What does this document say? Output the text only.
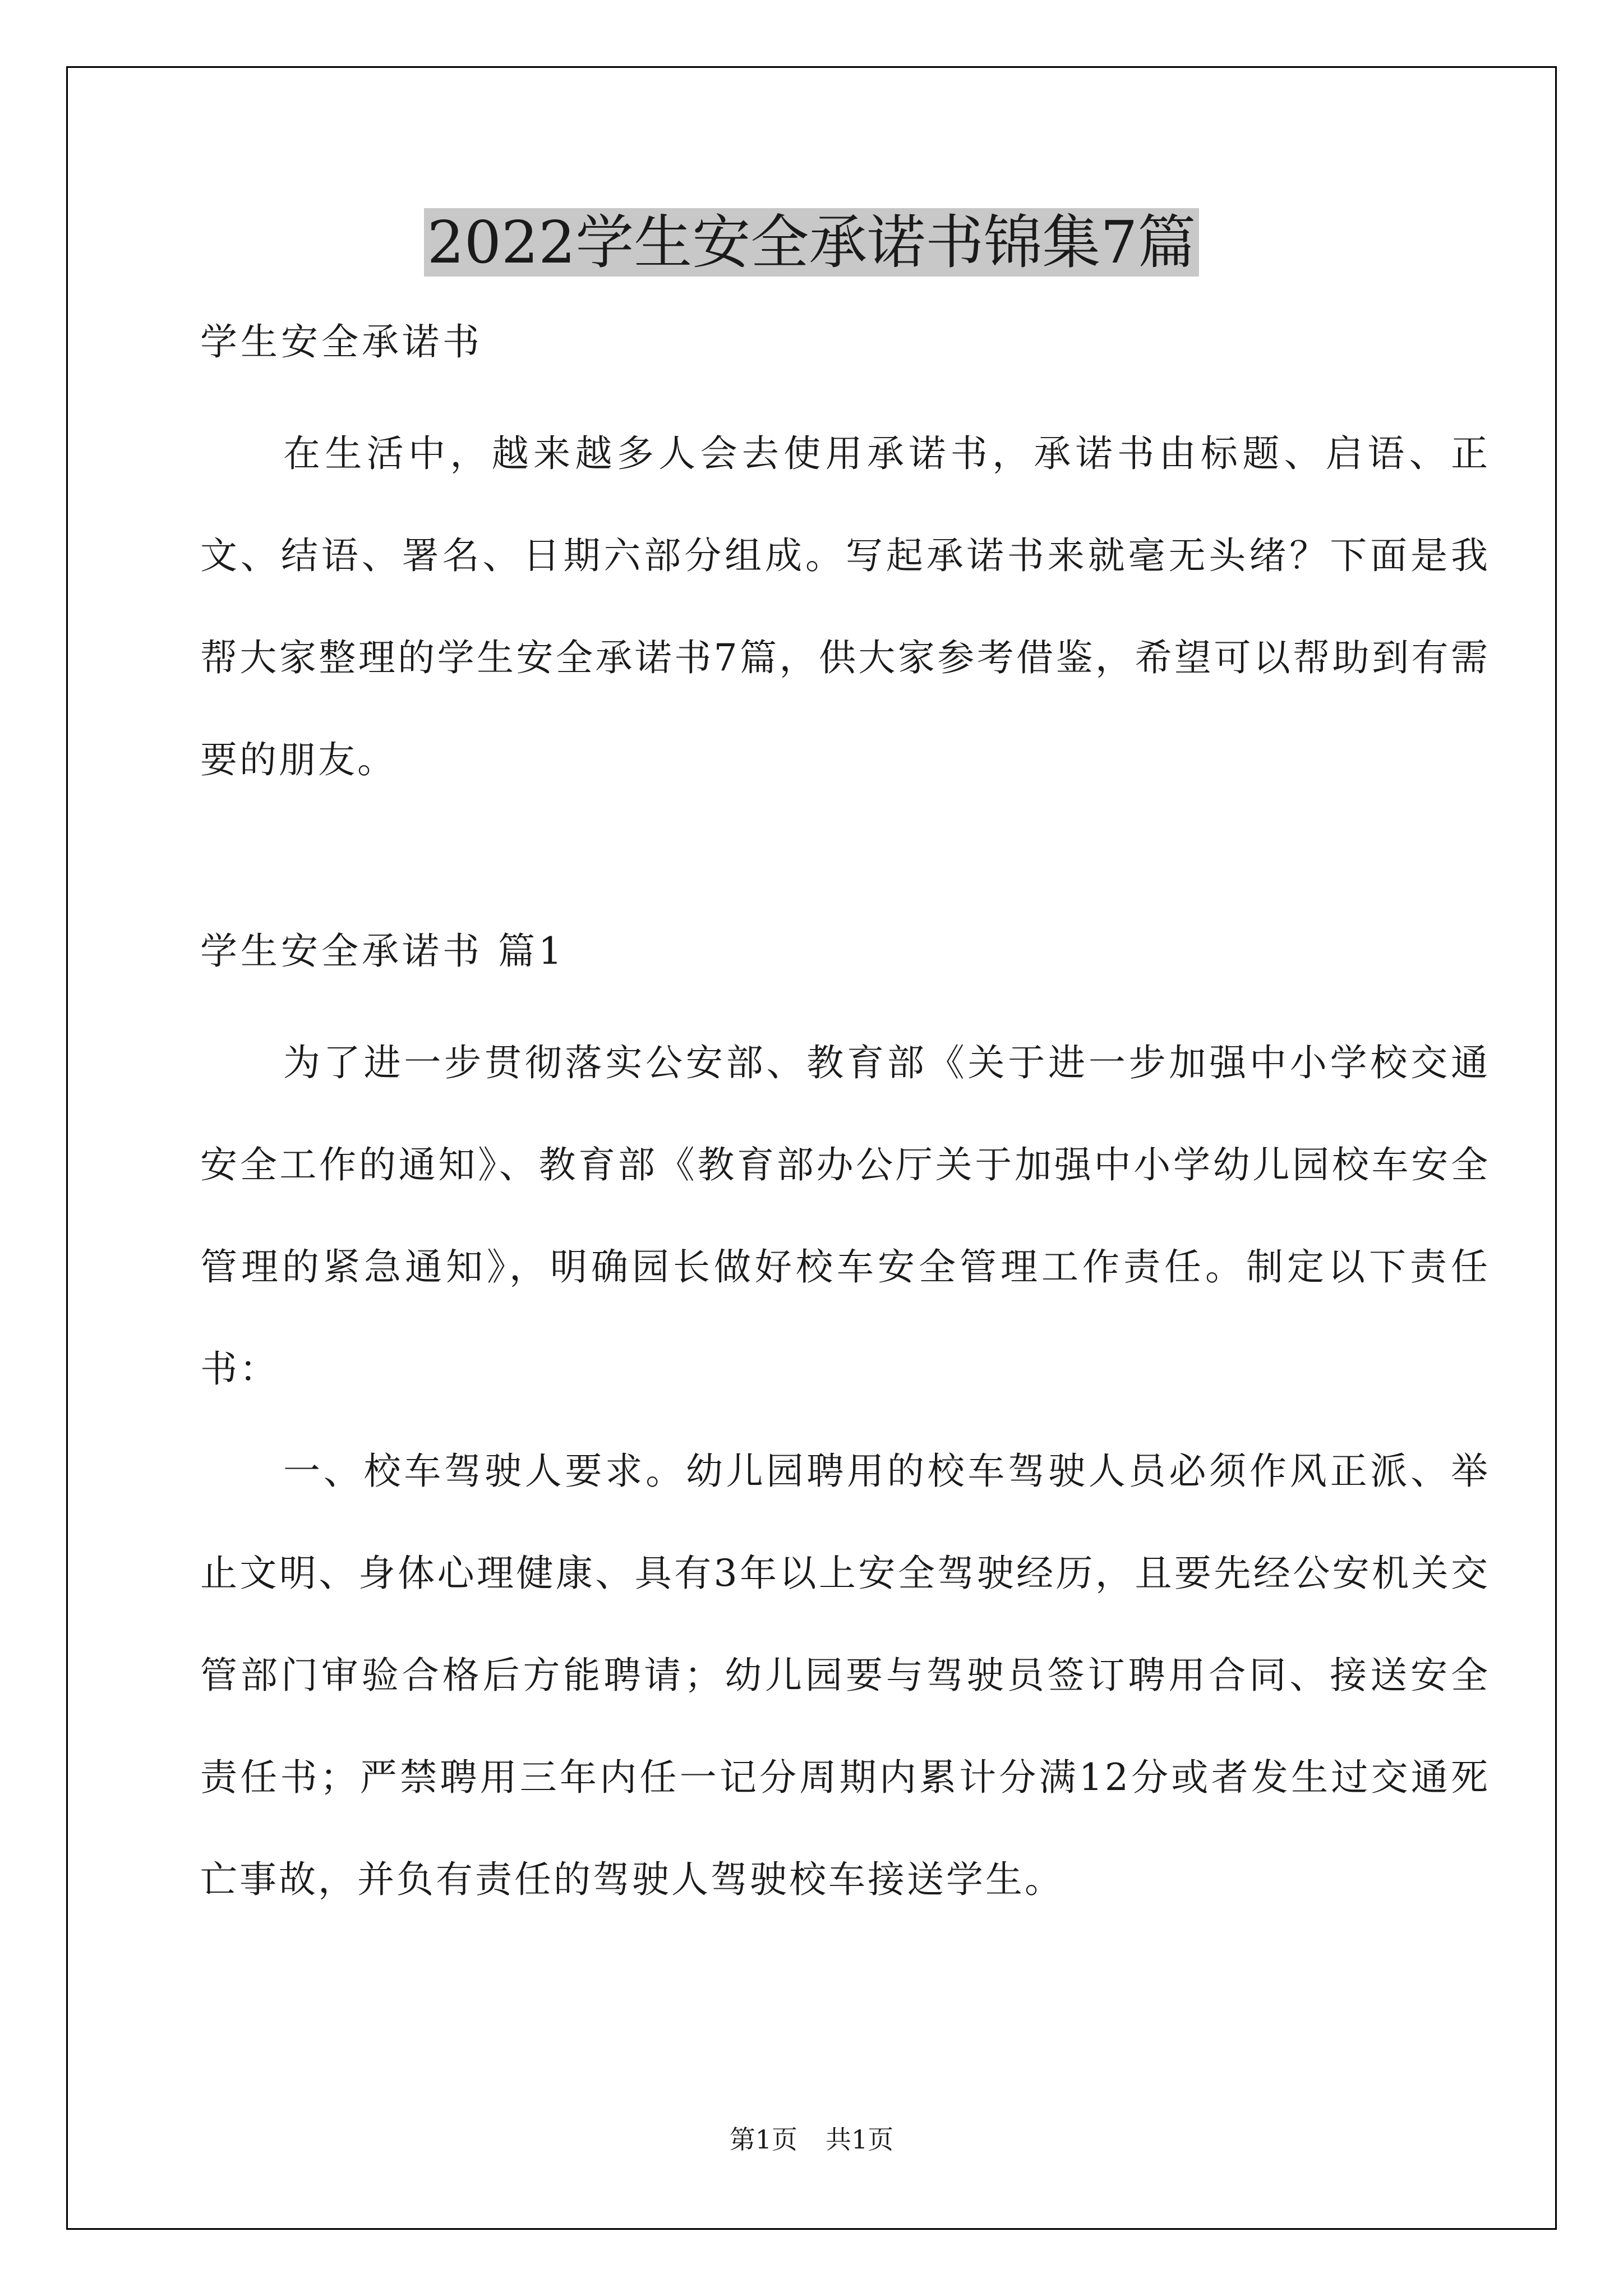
2022学生安全承诺书锦集7篇

学生安全承诺书

在生活中，越来越多人会去使用承诺书，承诺书由标题、启语、正文、结语、署名、日期六部分组成。写起承诺书来就毫无头绪？下面是我帮大家整理的学生安全承诺书7篇，供大家参考借鉴，希望可以帮助到有需要的朋友。

学生安全承诺书 篇1

为了进一步贯彻落实公安部、教育部《关于进一步加强中小学校交通安全工作的通知》、教育部《教育部办公厅关于加强中小学幼儿园校车安全管理的紧急通知》，明确园长做好校车安全管理工作责任。制定以下责任书：

一、校车驾驶人要求。幼儿园聘用的校车驾驶人员必须作风正派、举止文明、身体心理健康、具有3年以上安全驾驶经历，且要先经公安机关交管部门审验合格后方能聘请；幼儿园要与驾驶员签订聘用合同、接送安全责任书；严禁聘用三年内任一记分周期内累计分满12分或者发生过交通死亡事故，并负有责任的驾驶人驾驶校车接送学生。

第1页 共1页
